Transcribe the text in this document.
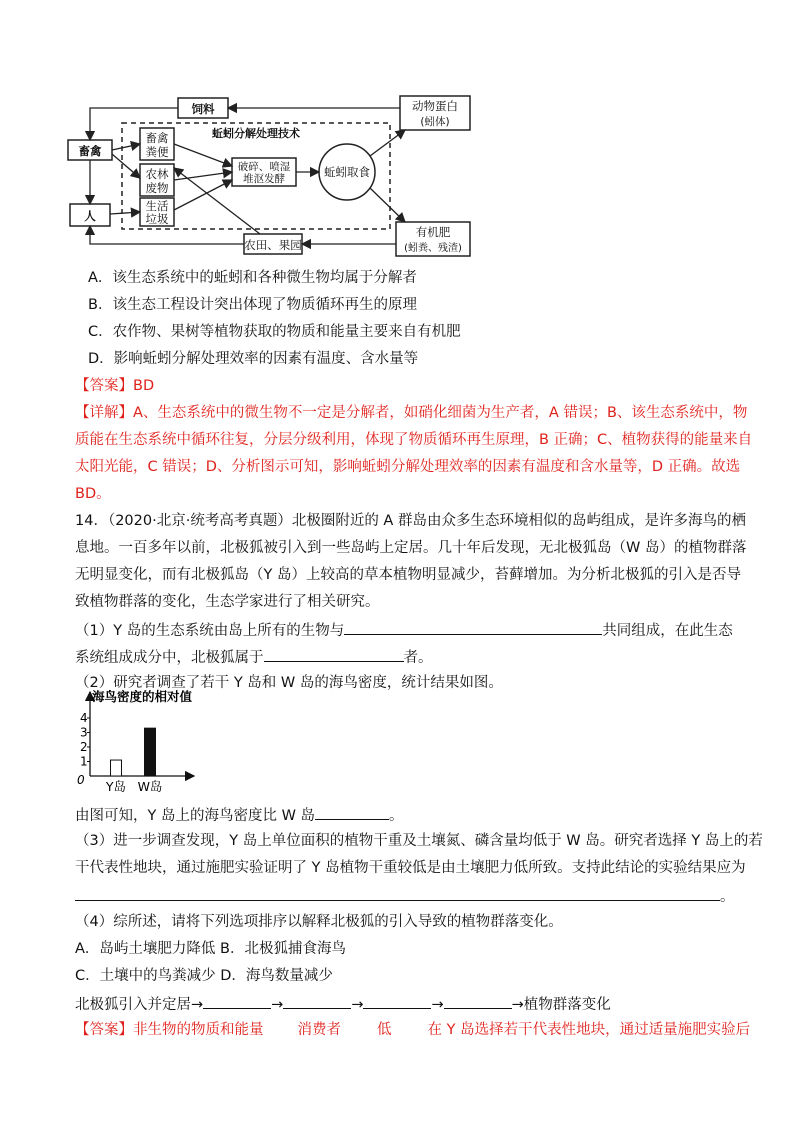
饲料
畜禽
人
蚯蚓分解处理技术
畜禽
粪便
农林
废物
生活
垃圾
破碎、喷湿
堆沤发酵	蚯蚓取食
动物蛋白
(蚓体)
有机肥
(蚓粪、残渣)
农田、果园
A．该生态系统中的蚯蚓和各种微生物均属于分解者
B．该生态工程设计突出体现了物质循环再生的原理
C．农作物、果树等植物获取的物质和能量主要来自有机肥
D．影响蚯蚓分解处理效率的因素有温度、含水量等
【答案】BD
【详解】A、生态系统中的微生物不一定是分解者，如硝化细菌为生产者，A 错误；B、该生态系统中，物
质能在生态系统中循环往复，分层分级利用，体现了物质循环再生原理，B 正确；C、植物获得的能量来自
太阳光能，C 错误；D、分析图示可知，影响蚯蚓分解处理效率的因素有温度和含水量等，D 正确。故选
BD。
14．（2020·北京·统考高考真题）北极圈附近的 A 群岛由众多生态环境相似的岛屿组成，是许多海鸟的栖
息地。一百多年以前，北极狐被引入到一些岛屿上定居。几十年后发现，无北极狐岛（W 岛）的植物群落
无明显变化，而有北极狐岛（Y 岛）上较高的草本植物明显减少，苔藓增加。为分析北极狐的引入是否导
致植物群落的变化，生态学家进行了相关研究。
（1）Y 岛的生态系统由岛上所有的生物与	共同组成，在此生态
系统组成成分中，北极狐属于	者。
（2）研究者调查了若干 Y 岛和 W 岛的海鸟密度，统计结果如图。
海鸟密度的相对值
0
1
2
3
4
Y岛 W岛
由图可知，Y 岛上的海鸟密度比 W 岛	。
（3）进一步调查发现，Y 岛上单位面积的植物干重及土壤氮、磷含量均低于 W 岛。研究者选择 Y 岛上的若
干代表性地块，通过施肥实验证明了 Y 岛植物干重较低是由土壤肥力低所致。支持此结论的实验结果应为
。
（4）综所述，请将下列选项排序以解释北极狐的引入导致的植物群落变化。
A．岛屿土壤肥力降低 B．北极狐捕食海鸟
C．土壤中的鸟粪减少 D．海鸟数量减少
北极狐引入并定居→	→	→	→	→植物群落变化
【答案】非生物的物质和能量 消费者 低 在 Y 岛选择若干代表性地块，通过适量施肥实验后
